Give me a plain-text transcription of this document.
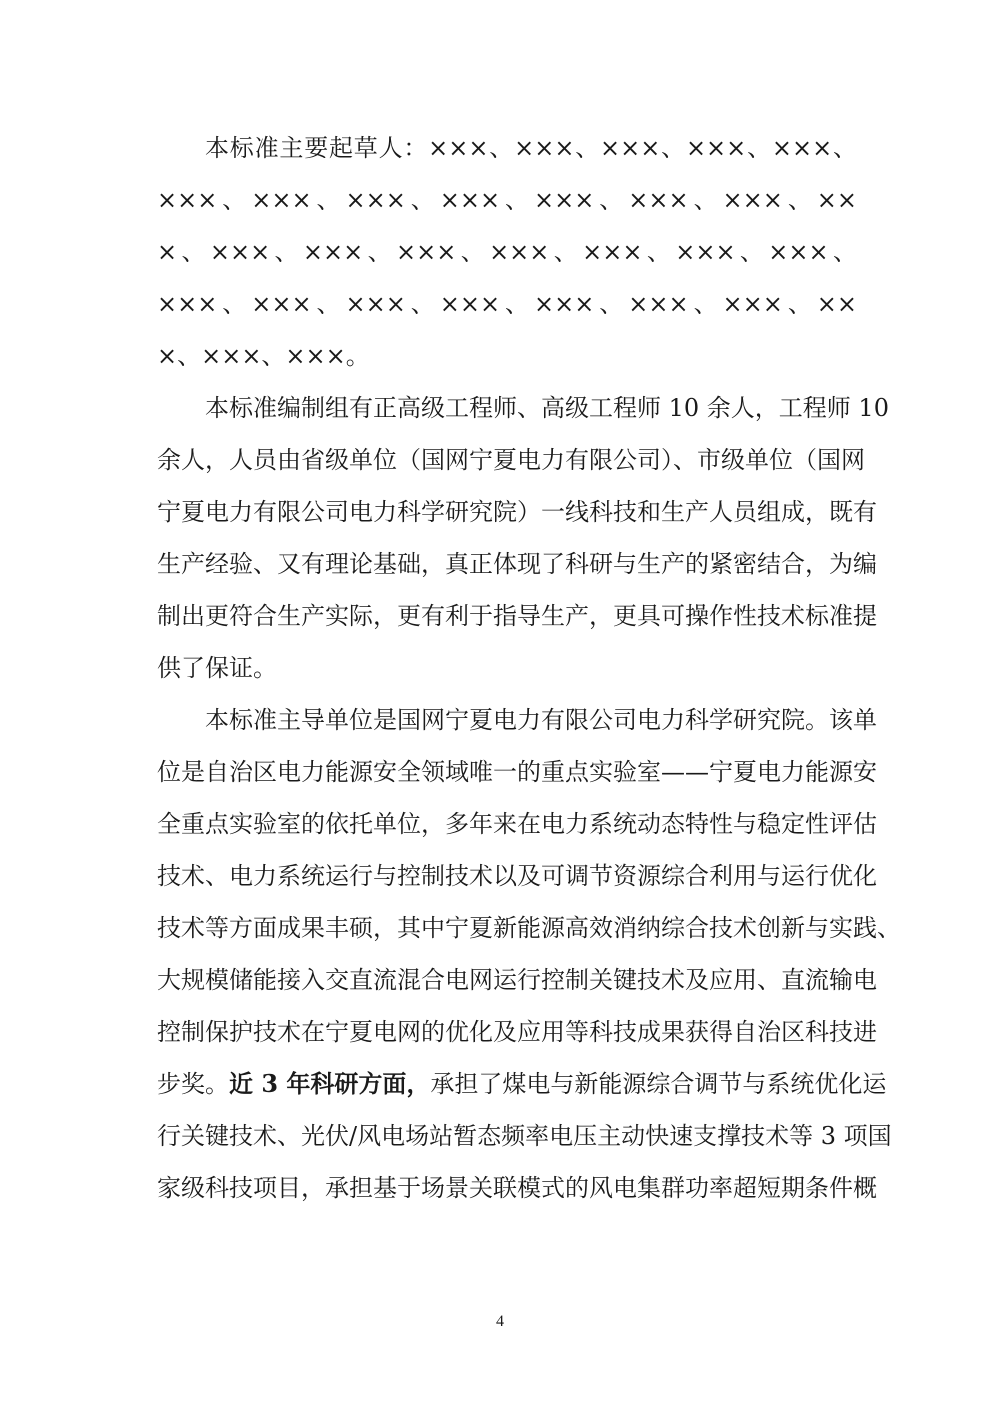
本标准主要起草人：×××、×××、×××、×××、×××、
×××、×××、×××、×××、×××、×××、×××、××
×、×××、×××、×××、×××、×××、×××、×××、
×××、×××、×××、×××、×××、×××、×××、××
×、×××、×××。
本标准编制组有正高级工程师、高级工程师 10 余人，工程师 10
余人，人员由省级单位（国网宁夏电力有限公司）、市级单位（国网
宁夏电力有限公司电力科学研究院）一线科技和生产人员组成，既有
生产经验、又有理论基础，真正体现了科研与生产的紧密结合，为编
制出更符合生产实际，更有利于指导生产，更具可操作性技术标准提
供了保证。
本标准主导单位是国网宁夏电力有限公司电力科学研究院。该单
位是自治区电力能源安全领域唯一的重点实验室——宁夏电力能源安
全重点实验室的依托单位，多年来在电力系统动态特性与稳定性评估
技术、电力系统运行与控制技术以及可调节资源综合利用与运行优化
技术等方面成果丰硕，其中宁夏新能源高效消纳综合技术创新与实践、
大规模储能接入交直流混合电网运行控制关键技术及应用、直流输电
控制保护技术在宁夏电网的优化及应用等科技成果获得自治区科技进
步奖。近 3 年科研方面，承担了煤电与新能源综合调节与系统优化运
行关键技术、光伏/风电场站暂态频率电压主动快速支撑技术等 3 项国
家级科技项目，承担基于场景关联模式的风电集群功率超短期条件概
4
